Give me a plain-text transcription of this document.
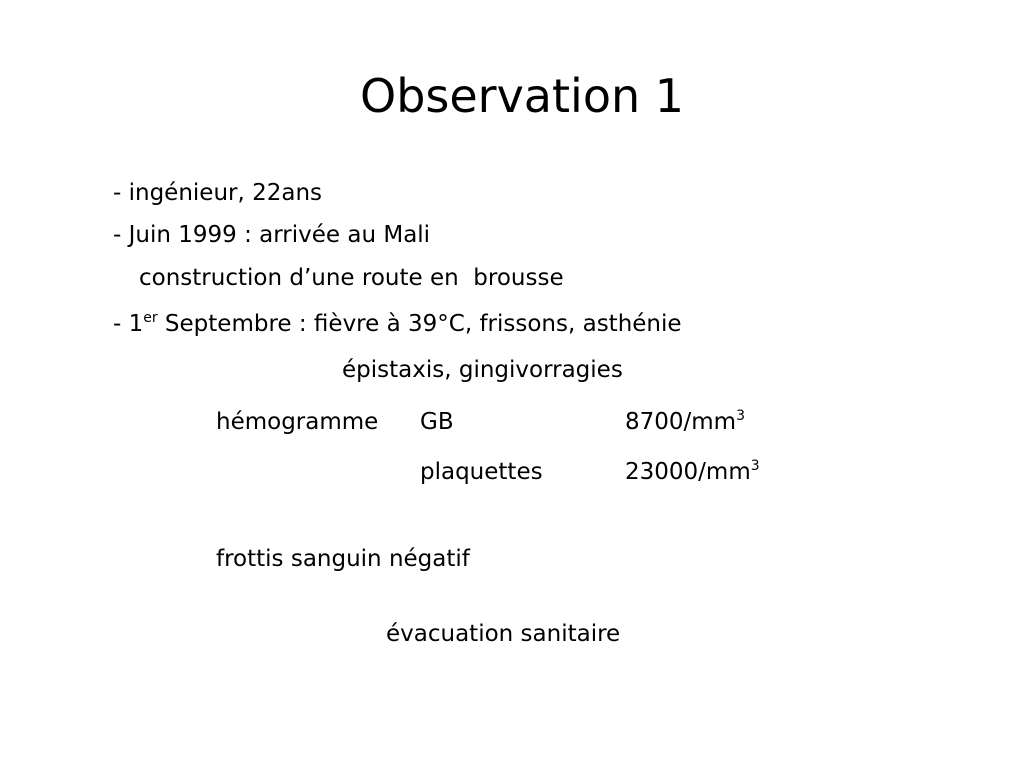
Observation 1

- ingénieur, 22ans

- Juin 1999 : arrivée au Mali

construction d’une route en  brousse

- 1er Septembre : fièvre à 39°C, frissons, asthénie

épistaxis, gingivorragies

hémogramme GB	$8700/mm^3$

plaquettes	$23000/mm^3$

frottis sanguin négatif

évacuation sanitaire
